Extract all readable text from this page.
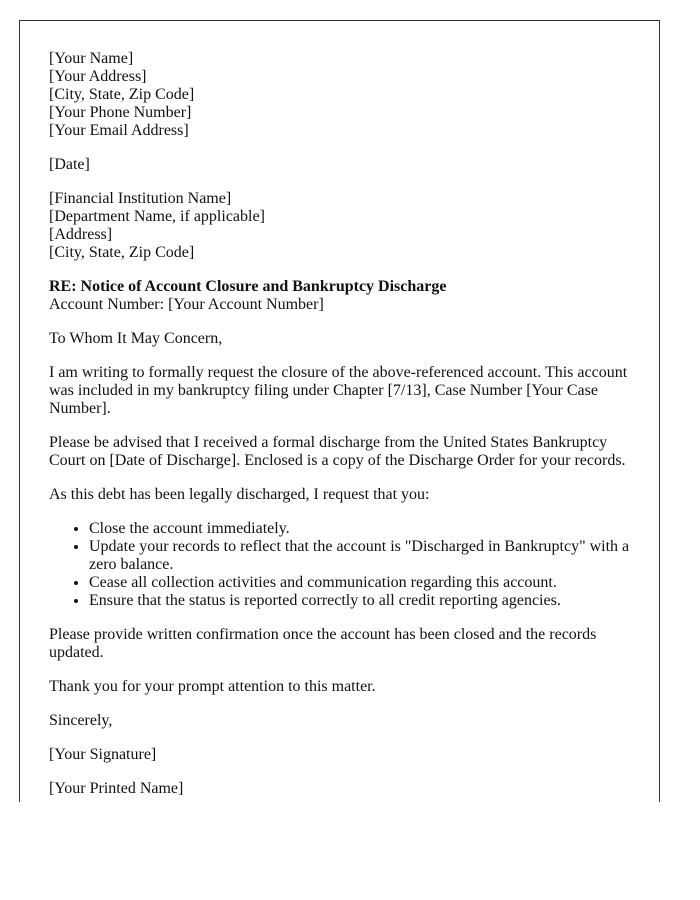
[Your Name]
[Your Address]
[City, State, Zip Code]
[Your Phone Number]
[Your Email Address]

[Date]

[Financial Institution Name]
[Department Name, if applicable]
[Address]
[City, State, Zip Code]

RE: Notice of Account Closure and Bankruptcy Discharge
Account Number: [Your Account Number]

To Whom It May Concern,

I am writing to formally request the closure of the above-referenced account. This account was included in my bankruptcy filing under Chapter [7/13], Case Number [Your Case Number].

Please be advised that I received a formal discharge from the United States Bankruptcy Court on [Date of Discharge]. Enclosed is a copy of the Discharge Order for your records.

As this debt has been legally discharged, I request that you:

• Close the account immediately.
• Update your records to reflect that the account is "Discharged in Bankruptcy" with a zero balance.
• Cease all collection activities and communication regarding this account.
• Ensure that the status is reported correctly to all credit reporting agencies.

Please provide written confirmation once the account has been closed and the records updated.

Thank you for your prompt attention to this matter.

Sincerely,

[Your Signature]

[Your Printed Name]
